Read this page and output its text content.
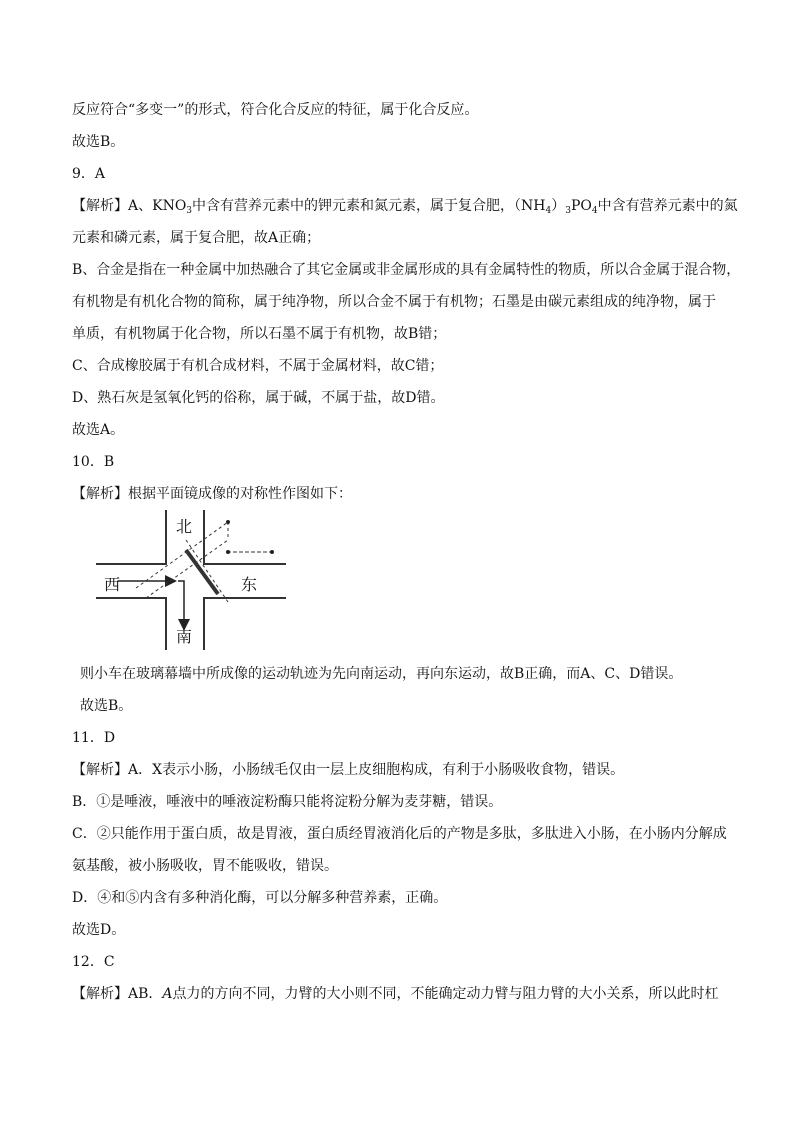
反应符合“多变一”的形式，符合化合反应的特征，属于化合反应。
故选B。
9．A
【解析】A、$KNO_3$中含有营养元素中的钾元素和氮元素，属于复合肥，$(NH_4)_3PO_4$中含有营养元素中的氮
元素和磷元素，属于复合肥，故A正确；
B、合金是指在一种金属中加热融合了其它金属或非金属形成的具有金属特性的物质，所以合金属于混合物，
有机物是有机化合物的简称，属于纯净物，所以合金不属于有机物；石墨是由碳元素组成的纯净物，属于
单质，有机物属于化合物，所以石墨不属于有机物，故B错；
C、合成橡胶属于有机合成材料，不属于金属材料，故C错；
D、熟石灰是氢氧化钙的俗称，属于碱，不属于盐，故D错。
故选A。
10．B
【解析】根据平面镜成像的对称性作图如下：
北
南
西	东
则小车在玻璃幕墙中所成像的运动轨迹为先向南运动，再向东运动，故B正确，而A、C、D错误。
故选B。
11．D
【解析】A．X表示小肠，小肠绒毛仅由一层上皮细胞构成，有利于小肠吸收食物，错误。
B．①是唾液，唾液中的唾液淀粉酶只能将淀粉分解为麦芽糖，错误。
C．②只能作用于蛋白质，故是胃液，蛋白质经胃液消化后的产物是多肽，多肽进入小肠，在小肠内分解成
氨基酸，被小肠吸收，胃不能吸收，错误。
D．④和⑤内含有多种消化酶，可以分解多种营养素，正确。
故选D。
12．C
【解析】AB．A点力的方向不同，力臂的大小则不同，不能确定动力臂与阻力臂的大小关系，所以此时杠
